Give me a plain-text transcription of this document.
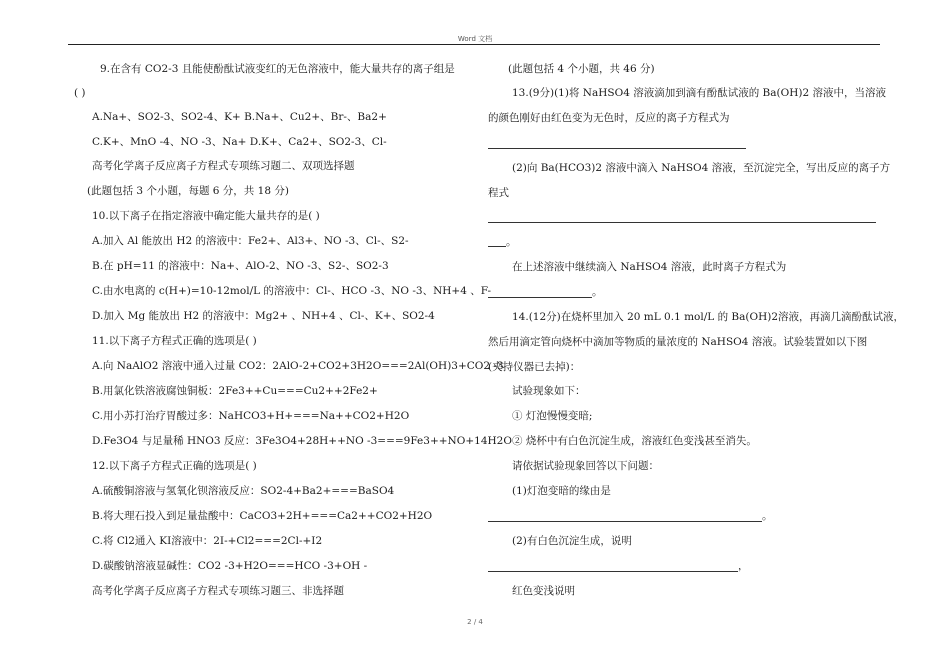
Word 文档
9.在含有 CO2-3 且能使酚酞试液变红的无色溶液中，能大量共存的离子组是
( )
A.Na+、SO2-3、SO2-4、K+ B.Na+、Cu2+、Br-、Ba2+
C.K+、MnO -4、NO -3、Na+ D.K+、Ca2+、SO2-3、Cl-
高考化学离子反应离子方程式专项练习题二、双项选择题
(此题包括 3 个小题，每题 6 分，共 18 分)
10.以下离子在指定溶液中确定能大量共存的是( )
A.加入 Al 能放出 H2 的溶液中：Fe2+、Al3+、NO -3、Cl-、S2-
B.在 pH=11 的溶液中：Na+、AlO-2、NO -3、S2-、SO2-3
C.由水电离的 c(H+)=10-12mol/L 的溶液中：Cl-、HCO -3、NO -3、NH+4 、F-
D.加入 Mg 能放出 H2 的溶液中：Mg2+ 、NH+4 、Cl-、K+、SO2-4
11.以下离子方程式正确的选项是( )
A.向 NaAlO2 溶液中通入过量 CO2：2AlO-2+CO2+3H2O===2Al(OH)3+CO2 -3
B.用氯化铁溶液腐蚀铜板：2Fe3++Cu===Cu2++2Fe2+
C.用小苏打治疗胃酸过多：NaHCO3+H+===Na++CO2+H2O
D.Fe3O4 与足量稀 HNO3 反应：3Fe3O4+28H++NO -3===9Fe3++NO+14H2O
12.以下离子方程式正确的选项是( )
A.硫酸铜溶液与氢氧化钡溶液反应：SO2-4+Ba2+===BaSO4
B.将大理石投入到足量盐酸中：CaCO3+2H+===Ca2++CO2+H2O
C.将 Cl2通入 KI溶液中：2I-+Cl2===2Cl-+I2
D.碳酸钠溶液显碱性：CO2 -3+H2O===HCO -3+OH -
高考化学离子反应离子方程式专项练习题三、非选择题
(此题包括 4 个小题，共 46 分)
13.(9分)(1)将 NaHSO4 溶液滴加到滴有酚酞试液的 Ba(OH)2 溶液中，当溶液
的颜色刚好由红色变为无色时，反应的离子方程式为
(2)向 Ba(HCO3)2 溶液中滴入 NaHSO4 溶液，至沉淀完全，写出反应的离子方
程式
。
在上述溶液中继续滴入 NaHSO4 溶液，此时离子方程式为
。
14.(12分)在烧杯里加入 20 mL 0.1 mol/L 的 Ba(OH)2溶液，再滴几滴酚酞试液，
然后用滴定管向烧杯中滴加等物质的量浓度的 NaHSO4 溶液。试验装置如以下图
(夹持仪器已去掉)：
试验现象如下：
① 灯泡慢慢变暗;
② 烧杯中有白色沉淀生成，溶液红色变浅甚至消失。
请依据试验现象回答以下问题：
(1)灯泡变暗的缘由是
。
(2)有白色沉淀生成，说明
，
红色变浅说明
2 / 4
